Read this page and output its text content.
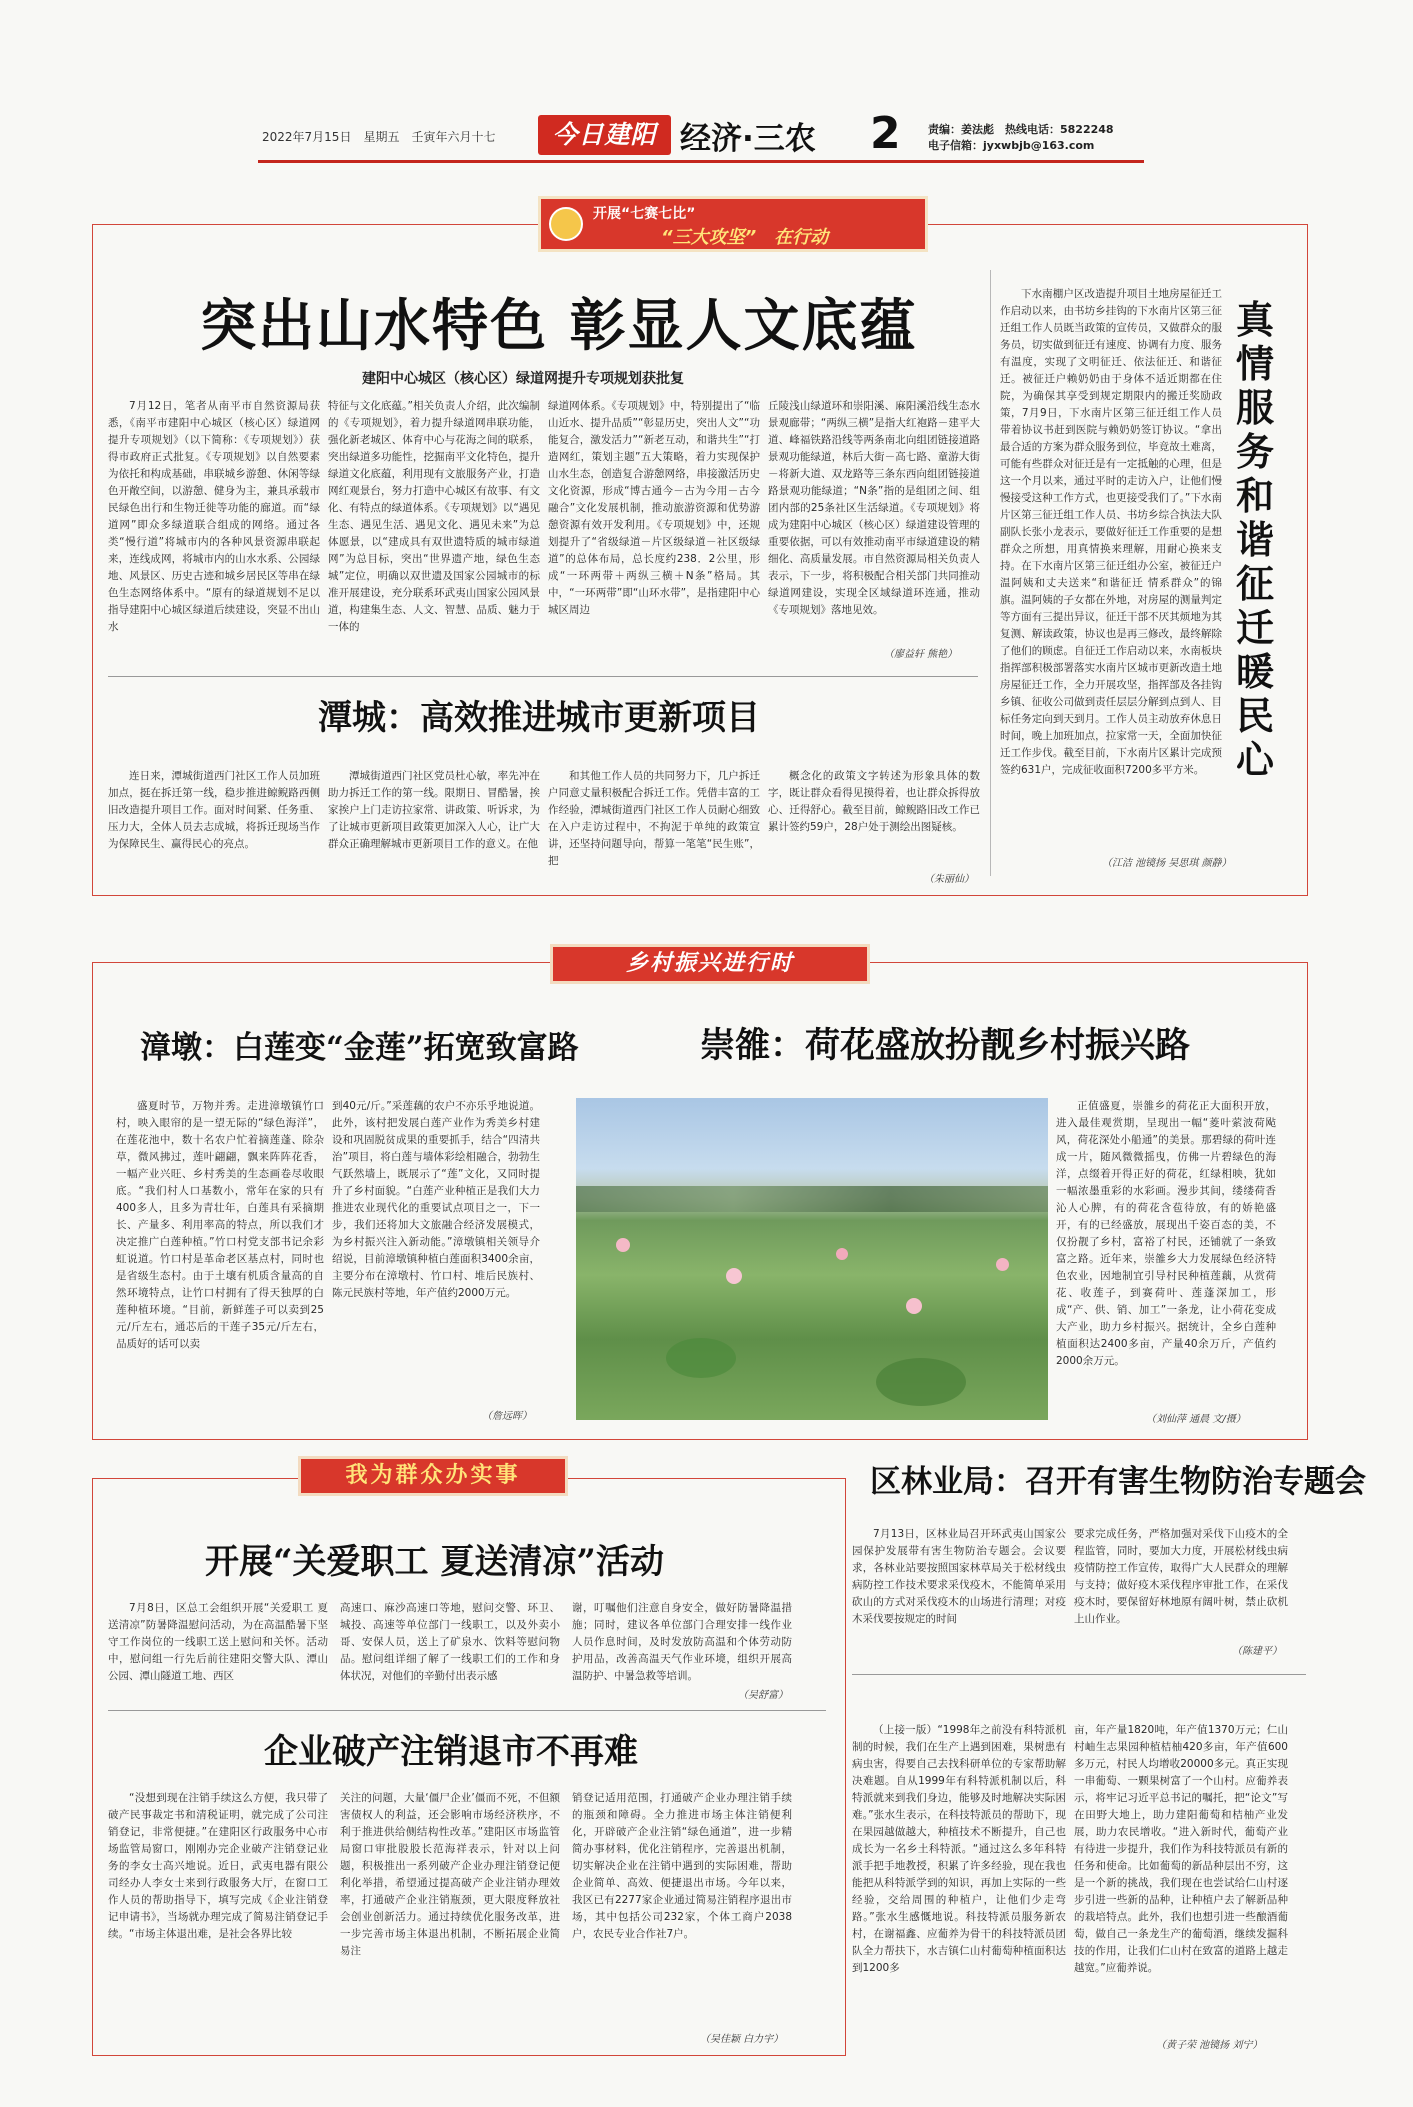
2022年7月15日　星期五　壬寅年六月十七	今日建阳 经济·三农 2 责编：姜法彪　热线电话：5822248
电子信箱：jyxwbjb@163.com
开展“七赛七比”
“三大攻坚”　在行动
突出山水特色 彰显人文底蕴
建阳中心城区（核心区）绿道网提升专项规划获批复
7月12日，笔者从南平市自然资源局获悉，《南平市建阳中心城区（核心区）绿道网提升专项规划》（以下简称：《专项规划》）获得市政府正式批复。《专项规划》以自然要素为依托和构成基础，串联城乡游憩、休闲等绿色开敞空间，以游憩、健身为主，兼具承载市民绿色出行和生物迁徙等功能的廊道。而“绿道网”即众多绿道联合组成的网络。通过各类“慢行道”将城市内的各种风景资源串联起来，连线成网，将城市内的山水水系、公园绿地、风景区、历史古迹和城乡居民区等串在绿色生态网络体系中。“原有的绿道规划不足以指导建阳中心城区绿道后续建设，突显不出山水
特征与文化底蕴。”相关负责人介绍，此次编制的《专项规划》，着力提升绿道网串联功能，强化新老城区、体育中心与花海之间的联系，突出绿道多功能性，挖掘南平文化特色，提升绿道文化底蕴，利用现有文旅服务产业，打造网红观景台，努力打造中心城区有故事、有文化、有特点的绿道体系。《专项规划》以“遇见生态、遇见生活、遇见文化、遇见未来”为总体愿景，以“建成具有双世遗特质的城市绿道网”为总目标，突出“世界遗产地，绿色生态城”定位，明确以双世遗及国家公园城市的标准开展建设，充分联系环武夷山国家公园风景道，构建集生态、人文、智慧、品质、魅力于一体的
绿道网体系。《专项规划》中，特别提出了“临山近水、提升品质”“彰显历史，突出人文”“功能复合，激发活力”“新老互动，和谐共生”“打造网红，策划主题”五大策略，着力实现保护山水生态，创造复合游憩网络，串接激活历史文化资源，形成“博古通今－古为今用－古今融合”文化发展机制，推动旅游资源和优势游憩资源有效开发利用。《专项规划》中，还规划提升了“省级绿道－片区级绿道－社区级绿道”的总体布局，总长度约238．2公里，形成“一环两带＋两纵三横＋N条”格局。其中，“一环两带”即“山环水带”，是指建阳中心城区周边
丘陵浅山绿道环和崇阳溪、麻阳溪沿线生态水景观廊带；“两纵三横”是指大红袍路－建平大道、峰福铁路沿线等两条南北向组团链接道路景观功能绿道，林后大街－高七路、童游大街－将新大道、双龙路等三条东西向组团链接道路景观功能绿道；“N条”指的是组团之间、组团内部的25条社区生活绿道。《专项规划》将成为建阳中心城区（核心区）绿道建设管理的重要依据，可以有效推动南平市绿道建设的精细化、高质量发展。市自然资源局相关负责人表示，下一步，将积极配合相关部门共同推动绿道网建设，实现全区域绿道环连通，推动《专项规划》落地见效。
（廖益轩 熊艳）
潭城：高效推进城市更新项目
连日来，潭城街道西门社区工作人员加班加点，挺在拆迁第一线，稳步推进鲸鲵路西侧旧改造提升项目工作。面对时间紧、任务重、压力大，全体人员去志成城，将拆迁现场当作为保障民生、赢得民心的亮点。
潭城街道西门社区党员杜心敏，率先冲在助力拆迁工作的第一线。限期日、冒酷暑，挨家挨户上门走访拉家常、讲政策、听诉求，为了让城市更新项目政策更加深入人心，让广大群众正确理解城市更新项目工作的意义。在他
和其他工作人员的共同努力下，几户拆迁户同意丈量积极配合拆迁工作。凭借丰富的工作经验，潭城街道西门社区工作人员耐心细致在入户走访过程中，不拘泥于单纯的政策宣讲，还坚持问题导向，帮算一笔笔“民生账”，把
概念化的政策文字转述为形象具体的数字，既让群众看得见摸得着，也让群众拆得放心、迁得舒心。截至目前，鲸鲵路旧改工作已累计签约59户，28户处于测绘出图疑核。
（朱丽仙）
下水南棚户区改造提升项目土地房屋征迁工作启动以来，由书坊乡挂钩的下水南片区第三征迁组工作人员既当政策的宣传员，又做群众的服务员，切实做到征迁有速度、协调有力度、服务有温度，实现了文明征迁、依法征迁、和谐征迁。被征迁户赖奶奶由于身体不适近期都在住院，为确保其享受到规定期限内的搬迁奖励政策，7月9日，下水南片区第三征迁组工作人员带着协议书赶到医院与赖奶奶签订协议。“拿出最合适的方案为群众服务到位，毕竟故土难离，可能有些群众对征迁是有一定抵触的心理，但是这一个月以来，通过平时的走访入户，让他们慢慢接受这种工作方式，也更接受我们了。”下水南片区第三征迁组工作人员、书坊乡综合执法大队副队长张小龙表示，要做好征迁工作重要的是想群众之所想，用真情换来理解，用耐心换来支持。在下水南片区第三征迁组办公室，被征迁户温阿姨和丈夫送来“和谐征迁 情系群众”的锦旗。温阿姨的子女都在外地，对房屋的测量判定等方面有三提出异议，征迁干部不厌其烦地为其复测、解读政策，协议也是再三修改，最终解除了他们的顾虑。自征迁工作启动以来，水南板块指挥部积极部署落实水南片区城市更新改造土地房屋征迁工作，全力开展攻坚，指挥部及各挂钩乡镇、征收公司做到责任层层分解到点到人、目标任务定向到天到月。工作人员主动放弃休息日时间，晚上加班加点，拉家常一天，全面加快征迁工作步伐。截至目前，下水南片区累计完成预签约631户，完成征收面积7200多平方米。
真情服务和谐征迁暖民心
（江洁 池镜扬 吴思琪 颜静）
乡村振兴进行时
漳墩：白莲变“金莲”拓宽致富路
盛夏时节，万物并秀。走进漳墩镇竹口村，映入眼帘的是一望无际的“绿色海洋”，在莲花池中，数十名农户忙着摘莲蓬、除杂草，微风拂过，莲叶翩翩，飘来阵阵花香，一幅产业兴旺、乡村秀美的生态画卷尽收眼底。“我们村人口基数小，常年在家的只有400多人，且多为青壮年，白莲具有采摘期长、产量多、利用率高的特点，所以我们才决定推广白莲种植。”竹口村党支部书记余彩虹说道。竹口村是革命老区基点村，同时也是省级生态村。由于土壤有机质含量高的自然环境特点，让竹口村拥有了得天独厚的白莲种植环境。“目前，新鲜莲子可以卖到25元/斤左右，通芯后的干莲子35元/斤左右，品质好的话可以卖
到40元/斤。”采莲藕的农户不亦乐乎地说道。此外，该村把发展白莲产业作为秀美乡村建设和巩固脱贫成果的重要抓手，结合“四清共治”项目，将白莲与墙体彩绘相融合，勃勃生气跃然墙上，既展示了“莲”文化，又同时提升了乡村面貌。“白莲产业种植正是我们大力推进农业现代化的重要试点项目之一，下一步，我们还将加大文旅融合经济发展模式，为乡村振兴注入新动能。”漳墩镇相关领导介绍说，目前漳墩镇种植白莲面积3400余亩，主要分布在漳墩村、竹口村、堆后民族村、陈元民族村等地，年产值约2000万元。
（詹远晖）
崇雒：荷花盛放扮靓乡村振兴路
正值盛夏，崇雒乡的荷花正大面积开放，进入最佳观赏期，呈现出一幅“菱叶萦波荷飐风，荷花深处小船通”的美景。那碧绿的荷叶连成一片，随风微微摇曳，仿佛一片碧绿色的海洋，点缀着开得正好的荷花，红绿相映，犹如一幅浓墨重彩的水彩画。漫步其间，缕缕荷香沁人心脾，有的荷花含苞待放，有的娇艳盛开，有的已经盛放，展现出千姿百态的美，不仅扮靓了乡村，富裕了村民，还铺就了一条致富之路。近年来，崇雒乡大力发展绿色经济特色农业，因地制宜引导村民种植莲藕，从赏荷花、收莲子，到赛荷叶、莲蓬深加工，形成“产、供、销、加工”一条龙，让小荷花变成大产业，助力乡村振兴。据统计，全乡白莲种植面积达2400多亩，产量40余万斤，产值约2000余万元。
（刘仙萍 通晨 文/摄）
我为群众办实事
开展“关爱职工 夏送清凉”活动
7月8日，区总工会组织开展“关爱职工 夏送清凉”防暑降温慰问活动，为在高温酷暑下坚守工作岗位的一线职工送上慰问和关怀。活动中，慰问组一行先后前往建阳交警大队、潭山公园、潭山隧道工地、西区
高速口、麻沙高速口等地，慰问交警、环卫、城投、高速等单位部门一线职工，以及外卖小哥、安保人员，送上了矿泉水、饮料等慰问物品。慰问组详细了解了一线职工们的工作和身体状况，对他们的辛勤付出表示感
谢，叮嘱他们注意自身安全，做好防暑降温措施；同时，建议各单位部门合理安排一线作业人员作息时间，及时发放防高温和个体劳动防护用品，改善高温天气作业环境，组织开展高温防护、中暑急救等培训。
（吴舒富）
企业破产注销退市不再难
“没想到现在注销手续这么方便，我只带了破产民事裁定书和清税证明，就完成了公司注销登记，非常便捷。”在建阳区行政服务中心市场监管局窗口，刚刚办完企业破产注销登记业务的李女士高兴地说。近日，武夷电器有限公司经办人李女士来到行政服务大厅，在窗口工作人员的帮助指导下，填写完成《企业注销登记申请书》，当场就办理完成了简易注销登记手续。“市场主体退出难，是社会各界比较
关注的问题，大量‘僵尸企业’僵而不死，不但额害债权人的利益，还会影响市场经济秩序，不利于推进供给侧结构性改革。”建阳区市场监管局窗口审批股股长范海祥表示，针对以上问题，积极推出一系列破产企业办理注销登记便利化举措，希望通过提高破产企业注销办理效率，打通破产企业注销瓶颈，更大限度释放社会创业创新活力。通过持续优化服务改革，进一步完善市场主体退出机制，不断拓展企业简易注
销登记适用范围，打通破产企业办理注销手续的瓶颈和障碍。全力推进市场主体注销便利化，开辟破产企业注销“绿色通道”，进一步精简办事材料，优化注销程序，完善退出机制，切实解决企业在注销中遇到的实际困难，帮助企业简单、高效、便捷退出市场。今年以来，我区已有2277家企业通过简易注销程序退出市场，其中包括公司232家，个体工商户2038户，农民专业合作社7户。
（吴佳颖 白力宇）
区林业局：召开有害生物防治专题会
7月13日，区林业局召开环武夷山国家公园保护发展带有害生物防治专题会。会议要求，各林业站要按照国家林草局关于松材线虫病防控工作技术要求采伐疫木，不能简单采用砍山的方式对采伐疫木的山场进行清理；对疫木采伐要按规定的时间
要求完成任务，严格加强对采伐下山疫木的全程监管，同时，要加大力度，开展松材线虫病疫情防控工作宣传，取得广大人民群众的理解与支持；做好疫木采伐程序审批工作，在采伐疫木时，要保留好林地原有阔叶树，禁止砍机上山作业。
（陈建平）
（上接一版）“1998年之前没有科特派机制的时候，我们在生产上遇到困难，果树患有病虫害，得要自己去找科研单位的专家帮助解决难题。自从1999年有科特派机制以后，科特派就来到我们身边，能够及时地解决实际困难。”张水生表示，在科技特派员的帮助下，现在果园越做越大，种植技术不断提升，自己也成长为一名乡土科特派。“通过这么多年科特派手把手地教授，积累了许多经验，现在我也能把从科特派学到的知识，再加上实际的一些经验，交给周围的种植户，让他们少走弯路。”张水生感慨地说。科技特派员服务新农村，在谢福鑫、应葡养为骨干的科技特派员团队全力帮扶下，水吉镇仁山村葡萄种植面积达到1200多
亩，年产量1820吨，年产值1370万元；仁山村岫生志果园种植桔柚420多亩，年产值600多万元，村民人均增收20000多元。真正实现一串葡萄、一颗果树富了一个山村。应葡养表示，将牢记习近平总书记的嘱托，把“论文”写在田野大地上，助力建阳葡萄和桔柚产业发展，助力农民增收。“进入新时代，葡萄产业有待进一步提升，我们作为科技特派员有新的任务和使命。比如葡萄的新品种层出不穷，这是一个新的挑战，我们现在也尝试给仁山村逐步引进一些新的品种，让种植户去了解新品种的栽培特点。此外，我们也想引进一些酿酒葡萄，做自己一条龙生产的葡萄酒，继续发掘科技的作用，让我们仁山村在致富的道路上越走越宽。”应葡养说。
（黄子荣 池镜扬 刘宁）
